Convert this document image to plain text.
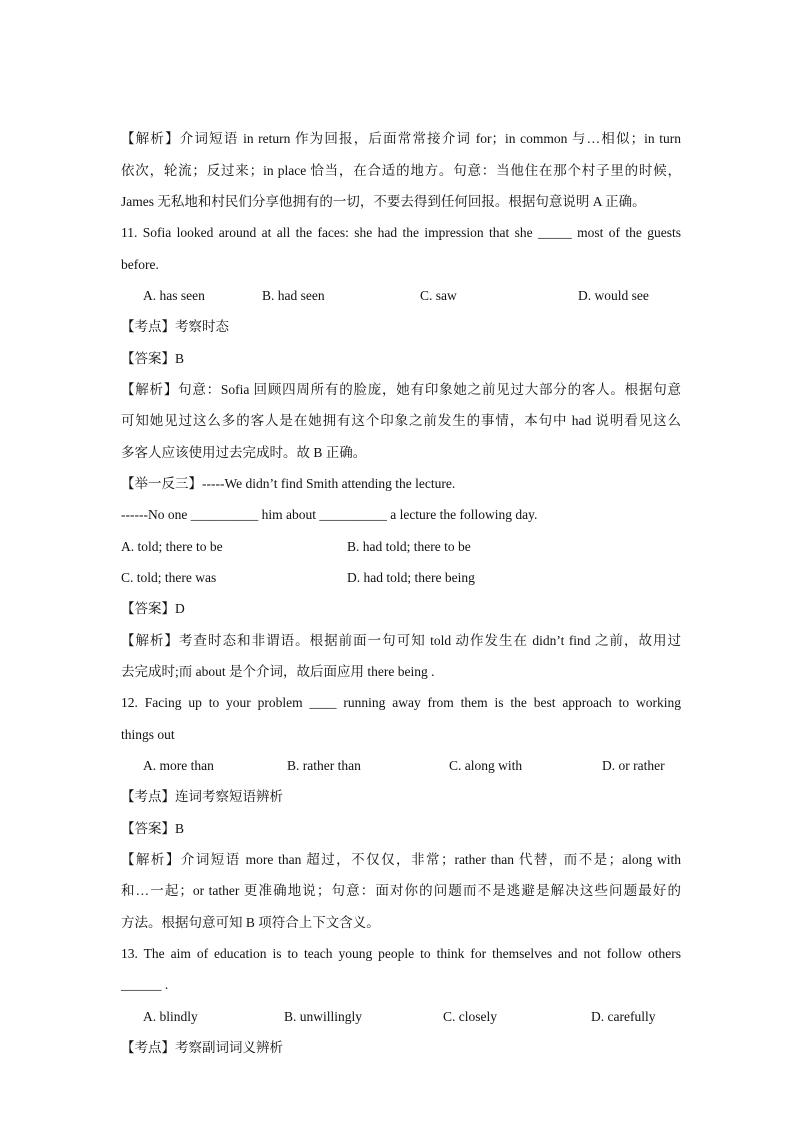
【解析】介词短语 in return 作为回报，后面常常接介词 for；in common 与…相似；in turn
依次，轮流；反过来；in place 恰当，在合适的地方。句意：当他住在那个村子里的时候，
James 无私地和村民们分享他拥有的一切，不要去得到任何回报。根据句意说明 A 正确。
11. Sofia looked around at all the faces: she had the impression that she _____ most of the guests
before.
A. has seen	B. had seen	C. saw	D. would see
【考点】考察时态
【答案】B
【解析】句意：Sofia 回顾四周所有的脸庞，她有印象她之前见过大部分的客人。根据句意
可知她见过这么多的客人是在她拥有这个印象之前发生的事情，本句中 had 说明看见这么
多客人应该使用过去完成时。故 B 正确。
【举一反三】-----We didn’t find Smith attending the lecture.
------No one __________ him about __________ a lecture the following day.
A. told; there to be	B. had told; there to be
C. told; there was	D. had told; there being
【答案】D
【解析】考查时态和非谓语。根据前面一句可知 told 动作发生在 didn’t find 之前，故用过
去完成时;而 about 是个介词，故后面应用 there being .
12. Facing up to your problem ____ running away from them is the best approach to working
things out
A. more than	B. rather than	C. along with	D. or rather
【考点】连词考察短语辨析
【答案】B
【解析】介词短语 more than 超过，不仅仅，非常；rather than 代替，而不是；along with
和…一起；or tather 更准确地说；句意：面对你的问题而不是逃避是解决这些问题最好的
方法。根据句意可知 B 项符合上下文含义。
13. The aim of education is to teach young people to think for themselves and not follow others
______ .
A. blindly	B. unwillingly	C. closely	D. carefully
【考点】考察副词词义辨析
